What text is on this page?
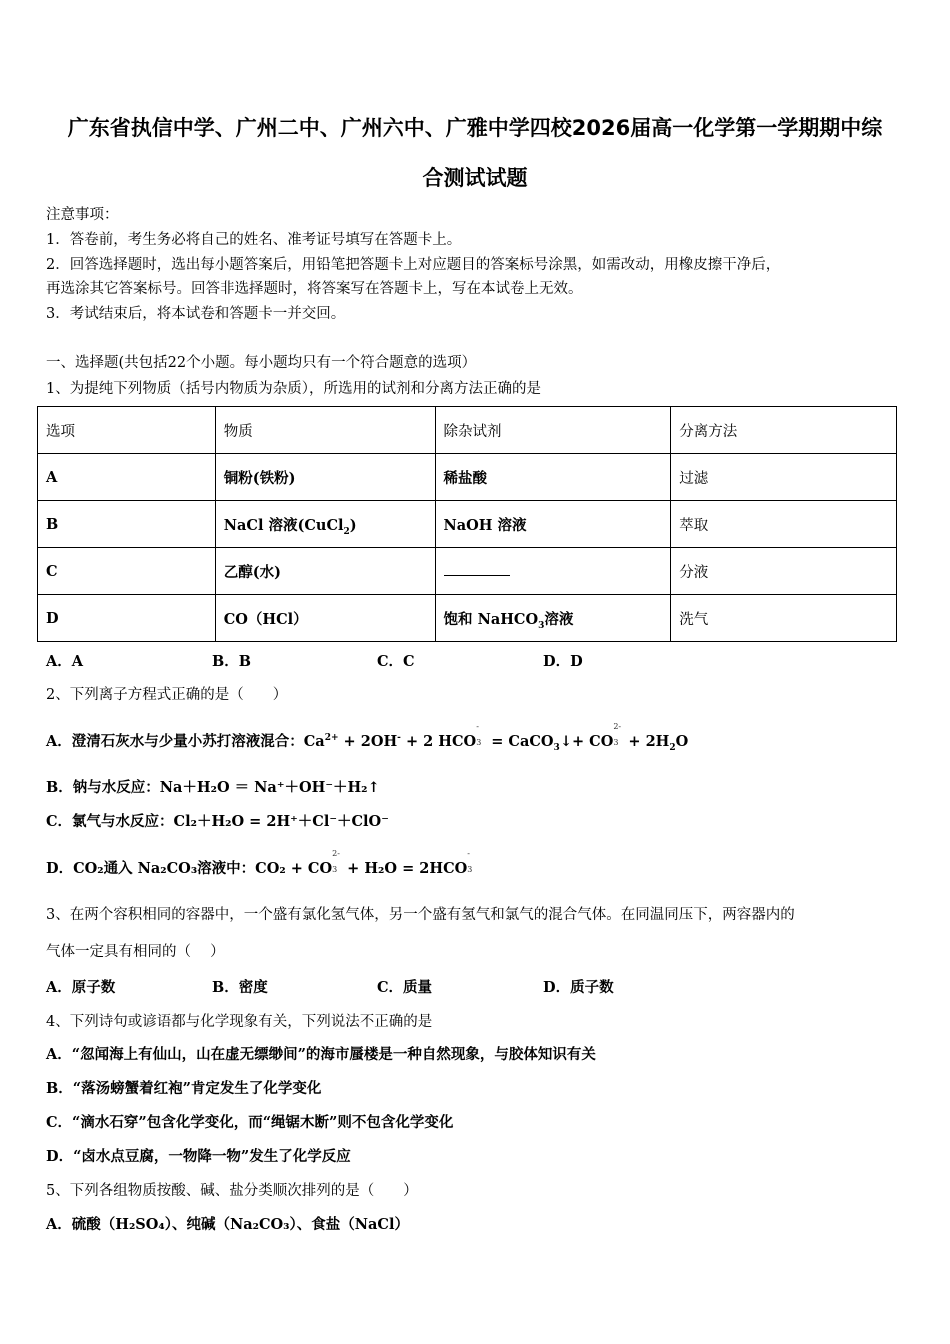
广东省执信中学、广州二中、广州六中、广雅中学四校2026届高一化学第一学期期中综
合测试试题
注意事项：
1．答卷前，考生务必将自己的姓名、准考证号填写在答题卡上。
2．回答选择题时，选出每小题答案后，用铅笔把答题卡上对应题目的答案标号涂黑，如需改动，用橡皮擦干净后，
再选涂其它答案标号。回答非选择题时，将答案写在答题卡上，写在本试卷上无效。
3．考试结束后，将本试卷和答题卡一并交回。
一、选择题(共包括22个小题。每小题均只有一个符合题意的选项）
1、为提纯下列物质（括号内物质为杂质），所选用的试剂和分离方法正确的是
选项	物质	除杂试剂	分离方法
A	铜粉(铁粉)	稀盐酸	过滤
B	NaCl 溶液(CuCl$_2$)	NaOH 溶液	萃取
C	乙醇(水)		分液
D	CO（HCl）	饱和 NaHCO$_3$溶液	洗气
A．A	B．B	C．C	D．D
2、下列离子方程式正确的是（　　）
A．澄清石灰水与少量小苏打溶液混合：$Ca^{2+} + 2OH^- + 2$ HCO
-
3 = CaCO$_3$↓+ CO
2-
$3 + 2H_2O$
B．钠与水反应：Na＋H₂O ＝ Na⁺＋OH⁻＋H₂↑
C．氯气与水反应：Cl₂＋H₂O = 2H⁺＋Cl⁻＋ClO⁻
D．CO₂通入 Na₂CO₃溶液中：CO₂ + CO
2-
3 + H₂O = 2HCO
-
3
3、在两个容积相同的容器中，一个盛有氯化氢气体，另一个盛有氢气和氯气的混合气体。在同温同压下，两容器内的
气体一定具有相同的（　 ）
A．原子数	B．密度	C．质量	D．质子数
4、下列诗句或谚语都与化学现象有关，下列说法不正确的是
A．“忽闻海上有仙山，山在虚无缥缈间”的海市蜃楼是一种自然现象，与胶体知识有关
B．“落汤螃蟹着红袍”肯定发生了化学变化
C．“滴水石穿”包含化学变化，而“绳锯木断”则不包含化学变化
D．“卤水点豆腐，一物降一物”发生了化学反应
5、下列各组物质按酸、碱、盐分类顺次排列的是（　　）
A．硫酸（H₂SO₄）、纯碱（Na₂CO₃）、食盐（NaCl）
